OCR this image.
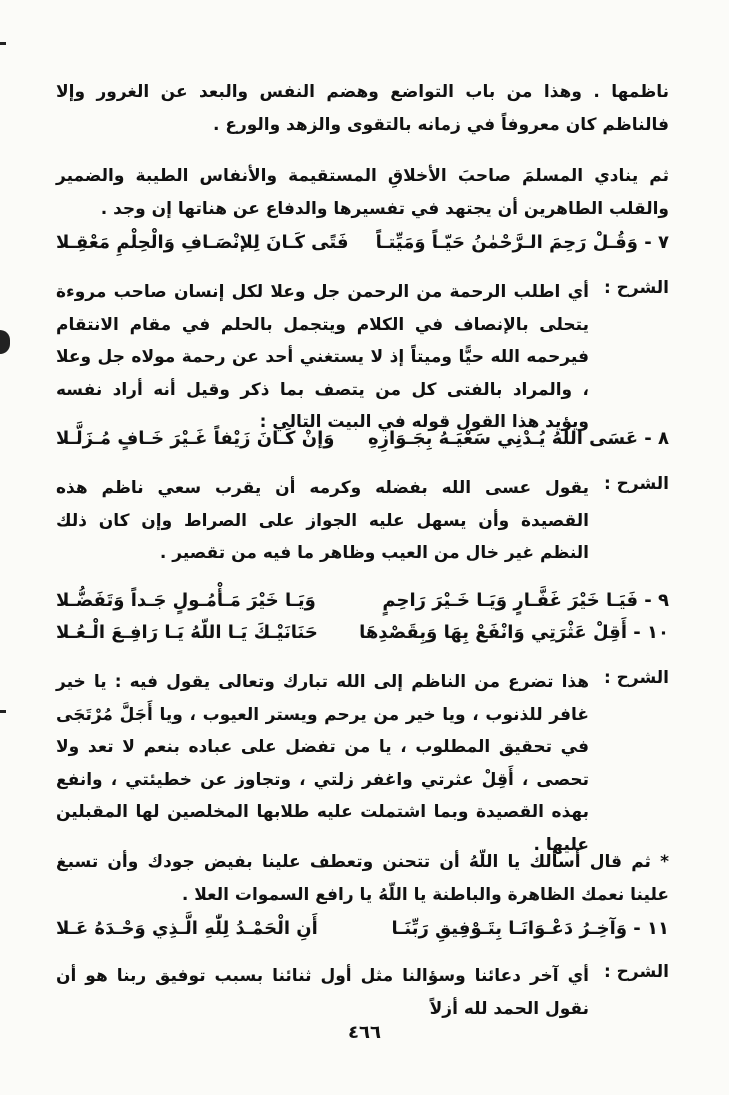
ناظمها . وهذا من باب التواضع وهضم النفس والبعد عن الغرور وإلا فالناظم كان معروفاً في زمانه بالتقوى والزهد والورع .
ثم ينادي المسلمَ صاحبَ الأخلاقِ المستقيمة والأنفاس الطيبة والضمير والقلب الطاهرين أن يجتهد في تفسيرها والدفاع عن هناتها إن وجد .
٧ - وَقُـلْ رَحِمَ الـرَّحْمٰنُ حَيّـاً وَمَيِّتـاً
فَتًى كَـانَ لِلإنْصَـافِ وَالْحِلْمِ مَعْقِـلا
الشرح :
أي اطلب الرحمة من الرحمن جل وعلا لكل إنسان صاحب مروءة يتحلى بالإنصاف في الكلام ويتجمل بالحلم في مقام الانتقام فيرحمه الله حيًّا وميتاً إذ لا يستغني أحد عن رحمة مولاه جل وعلا ، والمراد بالفتى كل من يتصف بما ذكر وقيل أنه أراد نفسه ويؤيد هذا القول قوله في البيت التالي :
٨ - عَسَى اللهُ يُـدْنِي سَعْيَـهُ بِجَـوَازِهِ
وَإنْ كَـانَ زَيْفاً غَـيْرَ خَـافٍ مُـزَلَّـلا
الشرح :
يقول عسى الله بفضله وكرمه أن يقرب سعي ناظم هذه القصيدة وأن يسهل عليه الجواز على الصراط وإن كان ذلك النظم غير خال من العيب وظاهر ما فيه من تقصير .
٩ - فَيَـا خَيْرَ غَفَّـارٍ وَيَـا خَـيْرَ رَاحِمٍ
وَيَـا خَيْرَ مَـأْمُـولٍ جَـداً وَتَفَضُّـلا
١٠ - أَقِلْ عَثْرَتِي وَانْفَعْ بِهَا وَبِقَصْدِهَا
حَنَانَيْـكَ يَـا اللّهُ يَـا رَافِـعَ الْـعُـلا
الشرح :
هذا تضرع من الناظم إلى الله تبارك وتعالى يقول فيه : يا خير غافر للذنوب ، ويا خير من يرحم ويستر العيوب ، ويا أَجَلَّ مُرْتَجَى في تحقيق المطلوب ، يا من تفضل على عباده بنعم لا تعد ولا تحصى ، أَقِلْ عثرتي واغفر زلتي ، وتجاوز عن خطيئتي ، وانفع بهذه القصيدة وبما اشتملت عليه طلابها المخلصين لها المقبلين عليها .
* ثم قال أسألك يا اللّهُ أن تتحنن وتعطف علينا بفيض جودك وأن تسبغ علينا نعمك الظاهرة والباطنة يا اللّهُ يا رافع السموات العلا .
١١ - وَآخِـرُ دَعْـوَانَـا بِتَـوْفِيقِ رَبِّنَـا
أَنِ الْحَمْـدُ لِلّٰهِ الَّـذِي وَحْـدَهُ عَـلا
الشرح :
أي آخر دعائنا وسؤالنا مثل أول ثنائنا بسبب توفيق ربنا هو أن نقول الحمد لله أزلاً
٤٦٦
